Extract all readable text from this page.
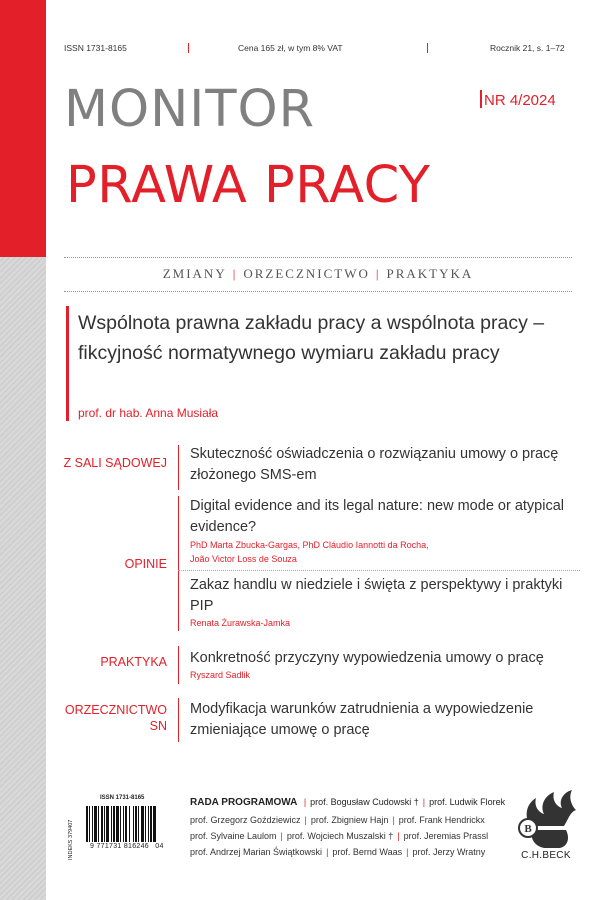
ISSN 1731-8165	Cena 165 zł, w tym 8% VAT	Rocznik 21, s. 1–72
MONITOR
PRAWA PRACY
NR 4/2024
ZMIANY | ORZECZNICTWO | PRAKTYKA
Wspólnota prawna zakładu pracy a wspólnota pracy – fikcyjność normatywnego wymiaru zakładu pracy
prof. dr hab. Anna Musiała
Z SALI SĄDOWEJ
Skuteczność oświadczenia o rozwiązaniu umowy o pracę złożonego SMS-em
OPINIE
Digital evidence and its legal nature: new mode or atypical evidence?
PhD Marta Zbucka-Gargas, PhD Cláudio Iannotti da Rocha,
João Victor Loss de Souza
Zakaz handlu w niedziele i święta z perspektywy i praktyki PIP
Renata Żurawska-Jamka
PRAKTYKA Konkretność przyczyny wypowiedzenia umowy o pracę
Ryszard Sadlik
ORZECZNICTWO
SN
Modyfikacja warunków zatrudnienia a wypowiedzenie zmieniające umowę o pracę
ISSN 1731-8165
INDEKS 379407 9 771731 816246 04
RADA PROGRAMOWA | prof. Bogusław Cudowski † | prof. Ludwik Florek
prof. Grzegorz Goździewicz | prof. Zbigniew Hajn | prof. Frank Hendrickx
prof. Sylvaine Laulom | prof. Wojciech Muszalski † | prof. Jeremias Prassl
prof. Andrzej Marian Świątkowski | prof. Bernd Waas | prof. Jerzy Wratny
B
C.H.BECK
